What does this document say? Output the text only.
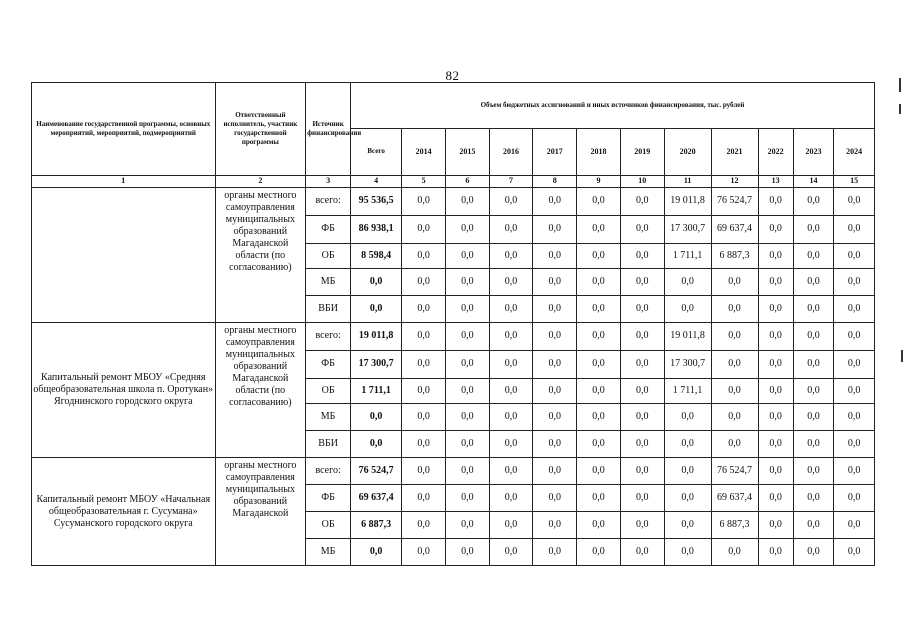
82
Наименование государственной программы, основных мероприятий, мероприятий, подмероприятий	Ответственный исполнитель, участник государственной программы	Источник финансирования	Объем бюджетных ассигнований и иных источников финансирования, тыс. рублей											
			Всего	2014	2015	2016	2017	2018	2019	2020	2021	2022	2023	2024
1	2	3	4	5	6	7	8	9	10	11	12	13	14	15
	органы местного самоуправления муниципальных образований Магаданской области (по согласованию)	всего:	95 536,5	0,0	0,0	0,0	0,0	0,0	0,0	19 011,8	76 524,7	0,0	0,0	0,0
		ФБ	86 938,1	0,0	0,0	0,0	0,0	0,0	0,0	17 300,7	69 637,4	0,0	0,0	0,0
		ОБ	8 598,4	0,0	0,0	0,0	0,0	0,0	0,0	1 711,1	6 887,3	0,0	0,0	0,0
		МБ	0,0	0,0	0,0	0,0	0,0	0,0	0,0	0,0	0,0	0,0	0,0	0,0
		ВБИ	0,0	0,0	0,0	0,0	0,0	0,0	0,0	0,0	0,0	0,0	0,0	0,0
Капитальный ремонт МБОУ «Средняя общеобразовательная школа п. Оротукан» Ягоднинского городского округа	органы местного самоуправления муниципальных образований Магаданской области (по согласованию)	всего:	19 011,8	0,0	0,0	0,0	0,0	0,0	0,0	19 011,8	0,0	0,0	0,0	0,0
		ФБ	17 300,7	0,0	0,0	0,0	0,0	0,0	0,0	17 300,7	0,0	0,0	0,0	0,0
		ОБ	1 711,1	0,0	0,0	0,0	0,0	0,0	0,0	1 711,1	0,0	0,0	0,0	0,0
		МБ	0,0	0,0	0,0	0,0	0,0	0,0	0,0	0,0	0,0	0,0	0,0	0,0
		ВБИ	0,0	0,0	0,0	0,0	0,0	0,0	0,0	0,0	0,0	0,0	0,0	0,0
Капитальный ремонт МБОУ «Начальная общеобразовательная г. Сусумана» Сусуманского городского округа	органы местного самоуправления муниципальных образований Магаданской	всего:	76 524,7	0,0	0,0	0,0	0,0	0,0	0,0	0,0	76 524,7	0,0	0,0	0,0
		ФБ	69 637,4	0,0	0,0	0,0	0,0	0,0	0,0	0,0	69 637,4	0,0	0,0	0,0
		ОБ	6 887,3	0,0	0,0	0,0	0,0	0,0	0,0	0,0	6 887,3	0,0	0,0	0,0
		МБ	0,0	0,0	0,0	0,0	0,0	0,0	0,0	0,0	0,0	0,0	0,0	0,0
